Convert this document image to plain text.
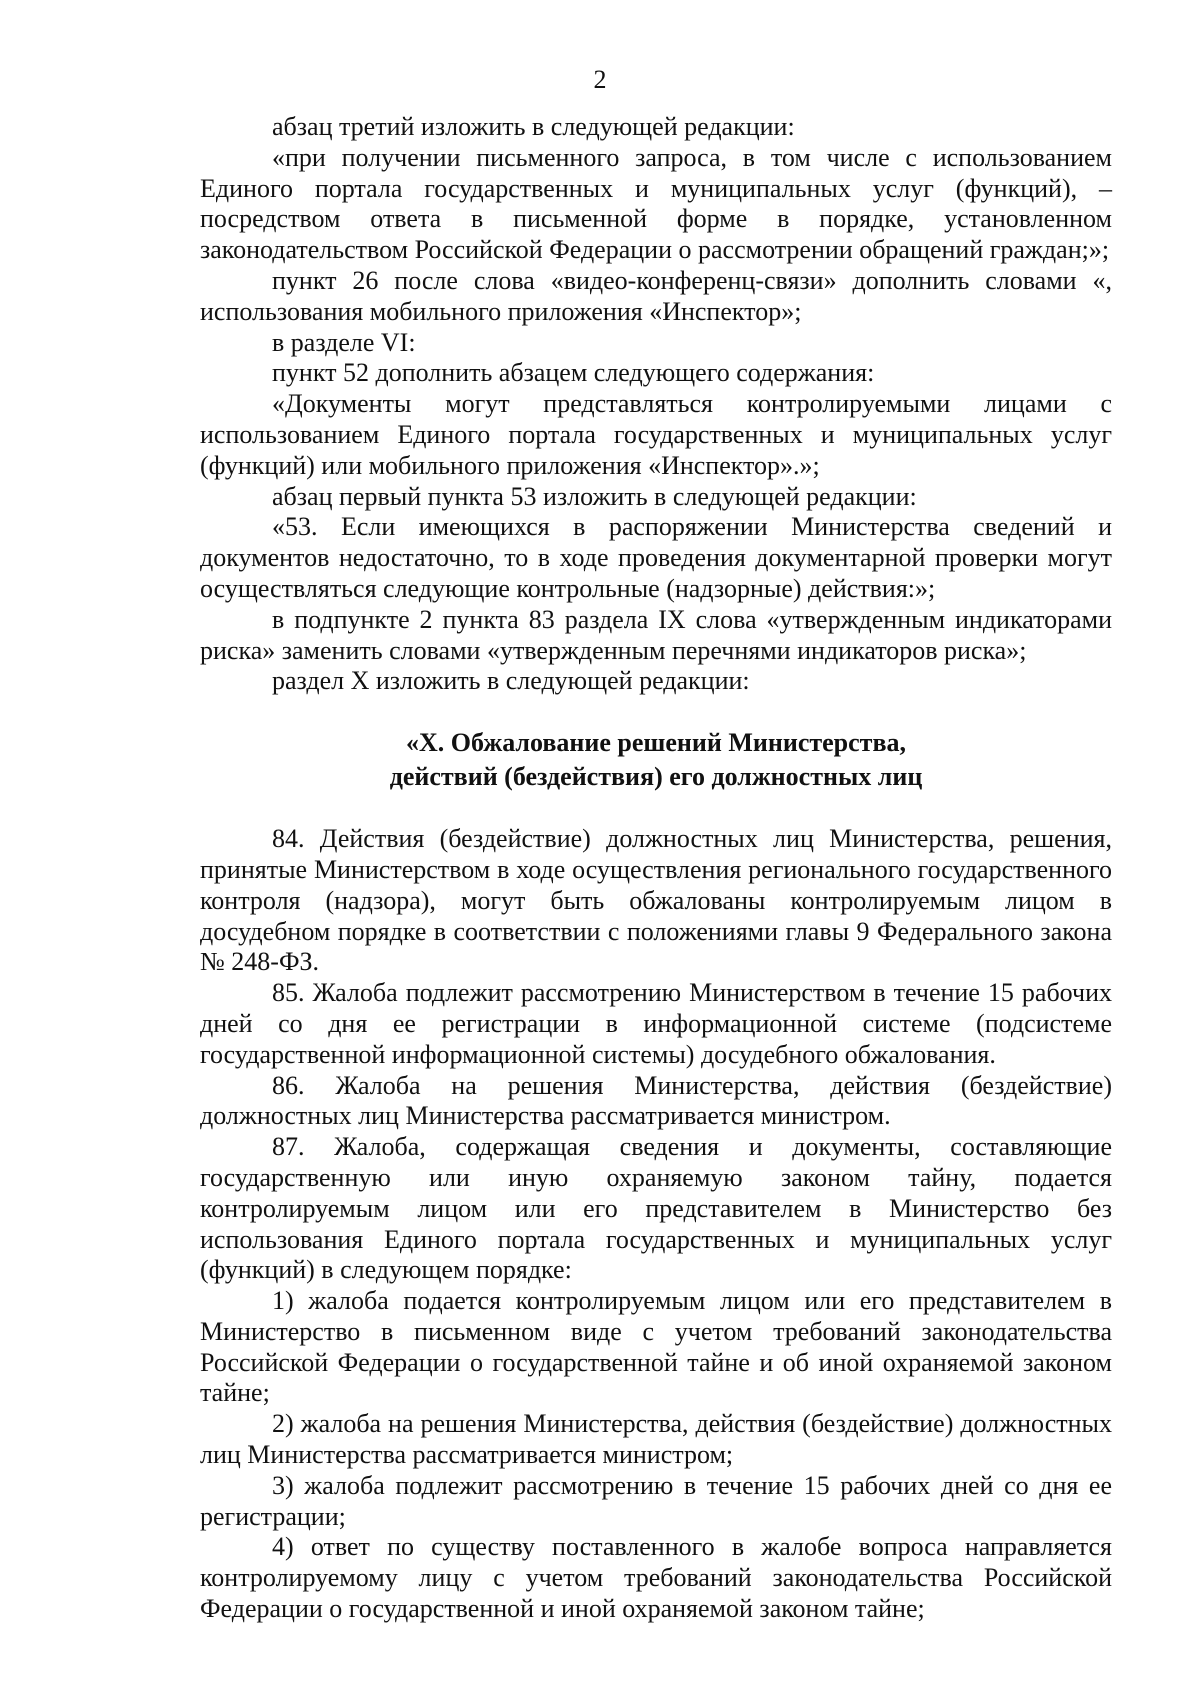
2

абзац третий изложить в следующей редакции:

«при получении письменного запроса, в том числе с использованием Единого портала государственных и муниципальных услуг (функций), – посредством ответа в письменной форме в порядке, установленном законодательством Российской Федерации о рассмотрении обращений граждан;»;

пункт 26 после слова «видео-конференц-связи» дополнить словами «, использования мобильного приложения «Инспектор»;

в разделе VI:

пункт 52 дополнить абзацем следующего содержания:

«Документы могут представляться контролируемыми лицами с использованием Единого портала государственных и муниципальных услуг (функций) или мобильного приложения «Инспектор».»;

абзац первый пункта 53 изложить в следующей редакции:

«53. Если имеющихся в распоряжении Министерства сведений и документов недостаточно, то в ходе проведения документарной проверки могут осуществляться следующие контрольные (надзорные) действия:»;

в подпункте 2 пункта 83 раздела IX слова «утвержденным индикаторами риска» заменить словами «утвержденным перечнями индикаторов риска»;

раздел X изложить в следующей редакции:

«X. Обжалование решений Министерства,
действий (бездействия) его должностных лиц

84. Действия (бездействие) должностных лиц Министерства, решения, принятые Министерством в ходе осуществления регионального государственного контроля (надзора), могут быть обжалованы контролируемым лицом в досудебном порядке в соответствии с положениями главы 9 Федерального закона № 248-ФЗ.

85. Жалоба подлежит рассмотрению Министерством в течение 15 рабочих дней со дня ее регистрации в информационной системе (подсистеме государственной информационной системы) досудебного обжалования.

86. Жалоба на решения Министерства, действия (бездействие) должностных лиц Министерства рассматривается министром.

87. Жалоба, содержащая сведения и документы, составляющие государственную или иную охраняемую законом тайну, подается контролируемым лицом или его представителем в Министерство без использования Единого портала государственных и муниципальных услуг (функций) в следующем порядке:

1) жалоба подается контролируемым лицом или его представителем в Министерство в письменном виде с учетом требований законодательства Российской Федерации о государственной тайне и об иной охраняемой законом тайне;

2) жалоба на решения Министерства, действия (бездействие) должностных лиц Министерства рассматривается министром;

3) жалоба подлежит рассмотрению в течение 15 рабочих дней со дня ее регистрации;

4) ответ по существу поставленного в жалобе вопроса направляется контролируемому лицу с учетом требований законодательства Российской Федерации о государственной и иной охраняемой законом тайне;
